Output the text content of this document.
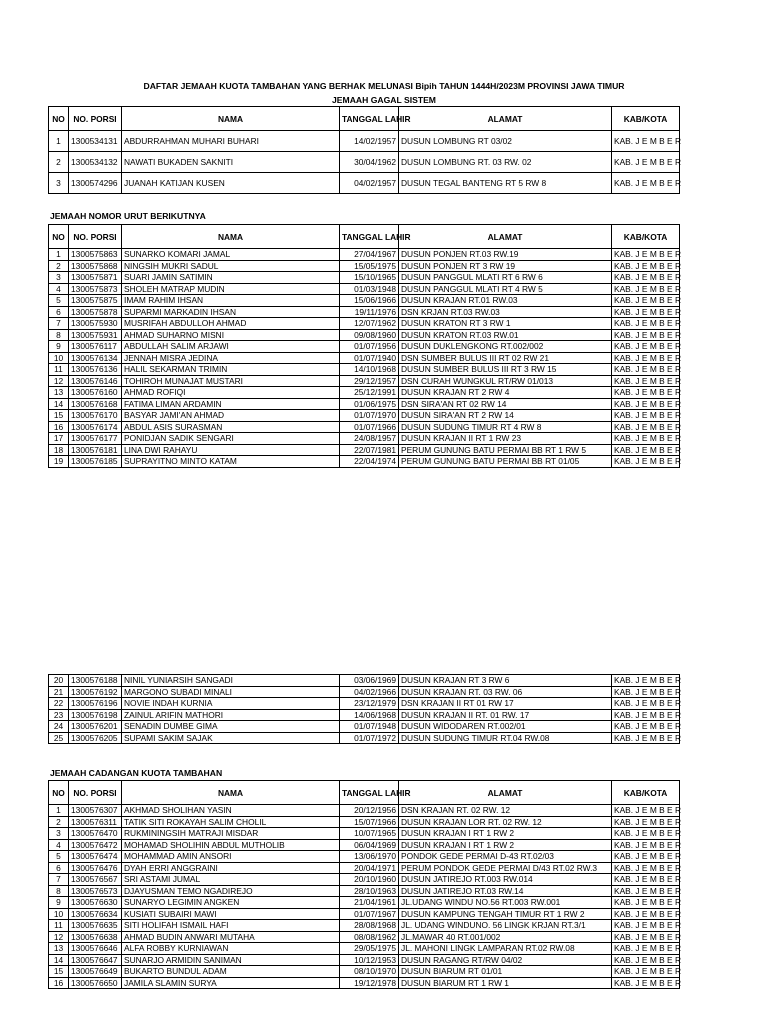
DAFTAR JEMAAH KUOTA TAMBAHAN YANG BERHAK MELUNASI Bipih TAHUN 1444H/2023M PROVINSI JAWA TIMUR
JEMAAH GAGAL SISTEM
NO	NO. PORSI	NAMA	TANGGAL LAHIR	ALAMAT	KAB/KOTA
1	1300534131	ABDURRAHMAN MUHARI BUHARI	14/02/1957	DUSUN LOMBUNG RT 03/02	KAB. J E M B E R
2	1300534132	NAWATI BUKADEN SAKNITI	30/04/1962	DUSUN LOMBUNG RT. 03 RW. 02	KAB. J E M B E R
3	1300574296	JUANAH KATIJAN KUSEN	04/02/1957	DUSUN TEGAL BANTENG RT 5 RW 8	KAB. J E M B E R
JEMAAH NOMOR URUT BERIKUTNYA
NO	NO. PORSI	NAMA	TANGGAL LAHIR	ALAMAT	KAB/KOTA
1	1300575863	SUNARKO KOMARI JAMAL	27/04/1967	DUSUN PONJEN RT.03 RW.19	KAB. J E M B E R
2	1300575868	NINGSIH MUKRI SADUL	15/05/1975	DUSUN PONJEN RT 3 RW 19	KAB. J E M B E R
3	1300575871	SUARI JAMIN SATIMIN	15/10/1965	DUSUN PANGGUL MLATI RT 6 RW 6	KAB. J E M B E R
4	1300575873	SHOLEH MATRAP MUDIN	01/03/1948	DUSUN PANGGUL MLATI RT 4 RW 5	KAB. J E M B E R
5	1300575875	IMAM RAHIM IHSAN	15/06/1966	DUSUN KRAJAN RT.01 RW.03	KAB. J E M B E R
6	1300575878	SUPARMI MARKADIN IHSAN	19/11/1976	DSN KRJAN RT.03 RW.03	KAB. J E M B E R
7	1300575930	MUSRIFAH ABDULLOH AHMAD	12/07/1962	DUSUN KRATON RT 3 RW 1	KAB. J E M B E R
8	1300575931	AHMAD SUHARNO MISNI	09/08/1960	DUSUN KRATON RT.03 RW.01	KAB. J E M B E R
9	1300576117	ABDULLAH SALIM ARJAWI	01/07/1956	DUSUN DUKLENGKONG RT.002/002	KAB. J E M B E R
10	1300576134	JENNAH MISRA JEDINA	01/07/1940	DSN SUMBER BULUS III RT 02 RW 21	KAB. J E M B E R
11	1300576136	HALIL SEKARMAN TRIMIN	14/10/1968	DUSUN SUMBER BULUS III RT 3 RW 15	KAB. J E M B E R
12	1300576146	TOHIROH MUNAJAT MUSTARI	29/12/1957	DSN CURAH WUNGKUL RT/RW 01/013	KAB. J E M B E R
13	1300576160	AHMAD ROFIQI	25/12/1991	DUSUN KRAJAN RT 2 RW 4	KAB. J E M B E R
14	1300576168	FATIMA LIMAN ARDAMIN	01/06/1975	DSN SIRA'AN RT 02 RW 14	KAB. J E M B E R
15	1300576170	BASYAR JAMI'AN AHMAD	01/07/1970	DUSUN SIRA'AN RT 2 RW 14	KAB. J E M B E R
16	1300576174	ABDUL ASIS SURASMAN	01/07/1966	DUSUN SUDUNG TIMUR RT 4 RW 8	KAB. J E M B E R
17	1300576177	PONIDJAN SADIK SENGARI	24/08/1957	DUSUN KRAJAN II RT 1 RW 23	KAB. J E M B E R
18	1300576181	LINA DWI RAHAYU	22/07/1981	PERUM GUNUNG BATU PERMAI BB RT 1 RW 5	KAB. J E M B E R
19	1300576185	SUPRAYITNO MINTO KATAM	22/04/1974	PERUM GUNUNG BATU PERMAI BB RT 01/05	KAB. J E M B E R
20	1300576188	NINIL YUNIARSIH SANGADI	03/06/1969	DUSUN KRAJAN RT 3 RW 6	KAB. J E M B E R
21	1300576192	MARGONO SUBADI MINALI	04/02/1966	DUSUN KRAJAN RT. 03 RW. 06	KAB. J E M B E R
22	1300576196	NOVIE INDAH KURNIA	23/12/1979	DSN KRAJAN II RT 01 RW 17	KAB. J E M B E R
23	1300576198	ZAINUL ARIFIN MATHORI	14/06/1968	DUSUN KRAJAN II RT. 01 RW. 17	KAB. J E M B E R
24	1300576201	SENADIN DUMBE GIMA	01/07/1948	DUSUN WIDODAREN RT.002/01	KAB. J E M B E R
25	1300576205	SUPAMI SAKIM SAJAK	01/07/1972	DUSUN SUDUNG TIMUR RT.04 RW.08	KAB. J E M B E R
JEMAAH CADANGAN KUOTA TAMBAHAN
NO	NO. PORSI	NAMA	TANGGAL LAHIR	ALAMAT	KAB/KOTA
1	1300576307	AKHMAD SHOLIHAN YASIN	20/12/1956	DSN KRAJAN RT. 02 RW. 12	KAB. J E M B E R
2	1300576311	TATIK SITI ROKAYAH SALIM CHOLIL	15/07/1966	DUSUN KRAJAN LOR RT. 02 RW. 12	KAB. J E M B E R
3	1300576470	RUKMININGSIH MATRAJI MISDAR	10/07/1965	DUSUN KRAJAN I RT 1 RW 2	KAB. J E M B E R
4	1300576472	MOHAMAD SHOLIHIN ABDUL MUTHOLIB	06/04/1969	DUSUN KRAJAN I RT 1 RW 2	KAB. J E M B E R
5	1300576474	MOHAMMAD AMIN ANSORI	13/06/1970	PONDOK GEDE PERMAI D-43 RT.02/03	KAB. J E M B E R
6	1300576476	DYAH ERRI ANGGRAINI	20/04/1971	PERUM PONDOK GEDE PERMAI D/43 RT.02 RW.3	KAB. J E M B E R
7	1300576567	SRI ASTAMI JUMAL	20/10/1960	DUSUN JATIREJO RT.003 RW.014	KAB. J E M B E R
8	1300576573	DJAYUSMAN TEMO NGADIREJO	28/10/1963	DUSUN JATIREJO RT.03 RW.14	KAB. J E M B E R
9	1300576630	SUNARYO LEGIMIN ANGKEN	21/04/1961	JL.UDANG WINDU NO.56 RT.003 RW.001	KAB. J E M B E R
10	1300576634	KUSIATI SUBAIRI MAWI	01/07/1967	DUSUN KAMPUNG TENGAH TIMUR RT 1 RW 2	KAB. J E M B E R
11	1300576635	SITI HOLIFAH ISMAIL HAFI	28/08/1968	JL. UDANG WINDUNO. 56 LINGK KRJAN RT.3/1	KAB. J E M B E R
12	1300576638	AHMAD BUDIN ANWARI MUTAHA	08/08/1962	JL.MAWAR 40 RT.001/002	KAB. J E M B E R
13	1300576646	ALFA ROBBY KURNIAWAN	29/05/1975	JL. MAHONI LINGK LAMPARAN RT.02 RW.08	KAB. J E M B E R
14	1300576647	SUNARJO ARMIDIN SANIMAN	10/12/1953	DUSUN RAGANG RT/RW 04/02	KAB. J E M B E R
15	1300576649	BUKARTO BUNDUL ADAM	08/10/1970	DUSUN BIARUM RT 01/01	KAB. J E M B E R
16	1300576650	JAMILA SLAMIN SURYA	19/12/1978	DUSUN BIARUM RT 1 RW 1	KAB. J E M B E R
